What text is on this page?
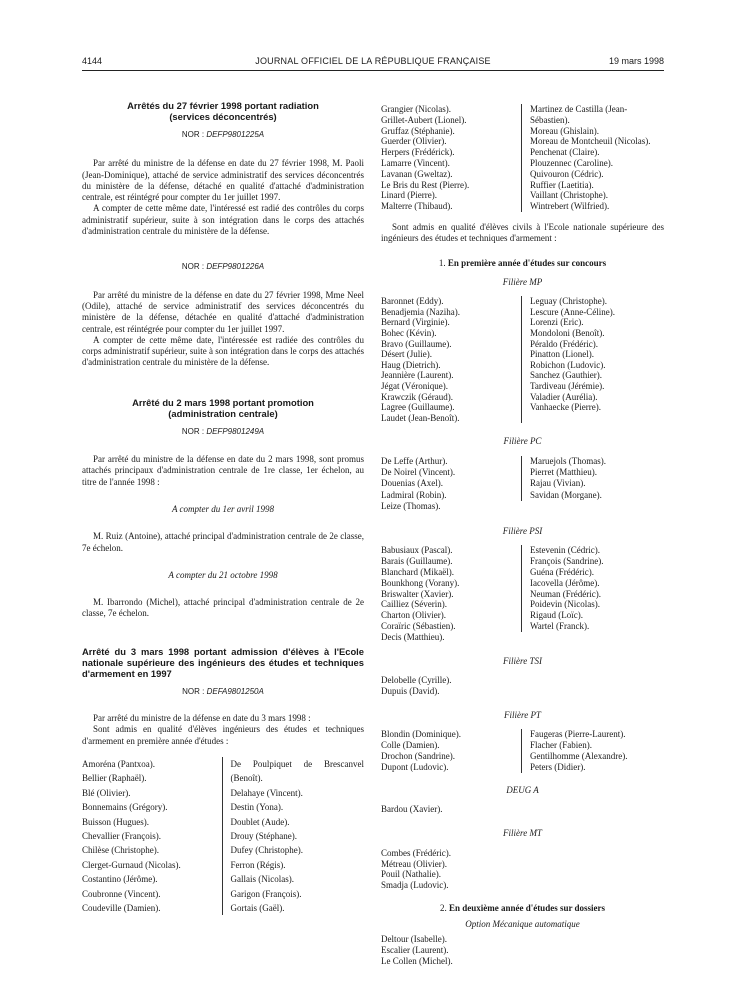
4144	JOURNAL OFFICIEL DE LA RÉPUBLIQUE FRANÇAISE	19 mars 1998

Arrêtés du 27 février 1998 portant radiation (services déconcentrés)

NOR : DEFP9801225A

Par arrêté du ministre de la défense en date du 27 février 1998, M. Paoli (Jean-Dominique), attaché de service administratif des services déconcentrés du ministère de la défense, détaché en qualité d'attaché d'administration centrale, est réintégré pour compter du 1er juillet 1997.

A compter de cette même date, l'intéressé est radié des contrôles du corps administratif supérieur, suite à son intégration dans le corps des attachés d'administration centrale du ministère de la défense.

NOR : DEFP9801226A

Par arrêté du ministre de la défense en date du 27 février 1998, Mme Neel (Odile), attaché de service administratif des services déconcentrés du ministère de la défense, détachée en qualité d'attaché d'administration centrale, est réintégrée pour compter du 1er juillet 1997.

A compter de cette même date, l'intéressée est radiée des contrôles du corps administratif supérieur, suite à son intégration dans le corps des attachés d'administration centrale du ministère de la défense.

Arrêté du 2 mars 1998 portant promotion (administration centrale)

NOR : DEFP9801249A

Par arrêté du ministre de la défense en date du 2 mars 1998, sont promus attachés principaux d'administration centrale de 1re classe, 1er échelon, au titre de l'année 1998 :

A compter du 1er avril 1998

M. Ruiz (Antoine), attaché principal d'administration centrale de 2e classe, 7e échelon.

A compter du 21 octobre 1998

M. Ibarrondo (Michel), attaché principal d'administration centrale de 2e classe, 7e échelon.

Arrêté du 3 mars 1998 portant admission d'élèves à l'Ecole nationale supérieure des ingénieurs des études et techniques d'armement en 1997

NOR : DEFA9801250A

Par arrêté du ministre de la défense en date du 3 mars 1998 :

Sont admis en qualité d'élèves ingénieurs des études et techniques d'armement en première année d'études :

Amoréna (Pantxoa).
Bellier (Raphaël).
Blé (Olivier).
Bonnemains (Grégory).
Buisson (Hugues).
Chevallier (François).
Chilèse (Christophe).
Clerget-Gurnaud (Nicolas).
Costantino (Jérôme).
Coubronne (Vincent).
Coudeville (Damien).
De Poulpiquet de Brescanvel (Benoît).
Delahaye (Vincent).
Destin (Yona).
Doublet (Aude).
Drouy (Stéphane).
Dufey (Christophe).
Ferron (Régis).
Gallais (Nicolas).
Garigon (François).
Gortais (Gaël).
Grangier (Nicolas).
Grillet-Aubert (Lionel).
Gruffaz (Stéphanie).
Guerder (Olivier).
Herpers (Frédérick).
Lamarre (Vincent).
Lavanan (Gweltaz).
Le Bris du Rest (Pierre).
Linard (Pierre).
Malterre (Thibaud).
Martinez de Castilla (Jean-Sébastien).
Moreau (Ghislain).
Moreau de Montcheuil (Nicolas).
Penchenat (Claire).
Plouzennec (Caroline).
Quivouron (Cédric).
Ruffier (Laetitia).
Vaillant (Christophe).
Wintrebert (Wilfried).

Sont admis en qualité d'élèves civils à l'Ecole nationale supérieure des ingénieurs des études et techniques d'armement :

1. En première année d'études sur concours

Filière MP

Baronnet (Eddy).
Benadjemia (Naziha).
Bernard (Virginie).
Bohec (Kévin).
Bravo (Guillaume).
Désert (Julie).
Haug (Dietrich).
Jeannière (Laurent).
Jégat (Véronique).
Krawczik (Géraud).
Lagree (Guillaume).
Laudet (Jean-Benoît).
Leguay (Christophe).
Lescure (Anne-Céline).
Lorenzi (Eric).
Mondoloni (Benoît).
Péraldo (Frédéric).
Pinatton (Lionel).
Robichon (Ludovic).
Sanchez (Gauthier).
Tardiveau (Jérémie).
Valadier (Aurélia).
Vanhaecke (Pierre).

Filière PC

De Leffe (Arthur).
De Noirel (Vincent).
Douenias (Axel).
Ladmiral (Robin).
Leize (Thomas).
Maruejols (Thomas).
Pierret (Matthieu).
Rajau (Vivian).
Savidan (Morgane).

Filière PSI

Babusiaux (Pascal).
Barais (Guillaume).
Blanchard (Mikaël).
Bounkhong (Vorany).
Briswalter (Xavier).
Cailliez (Séverin).
Charton (Olivier).
Coraïric (Sébastien).
Decis (Matthieu).
Estevenin (Cédric).
François (Sandrine).
Guéna (Frédéric).
Iacovella (Jérôme).
Neuman (Frédéric).
Poidevin (Nicolas).
Rigaud (Loïc).
Wartel (Franck).

Filière TSI

Delobelle (Cyrille).
Dupuis (David).

Filière PT

Blondin (Dominique).
Colle (Damien).
Drochon (Sandrine).
Dupont (Ludovic).
Faugeras (Pierre-Laurent).
Flacher (Fabien).
Gentilhomme (Alexandre).
Peters (Didier).

DEUG A

Bardou (Xavier).

Filière MT

Combes (Frédéric).
Métreau (Olivier).
Pouil (Nathalie).
Smadja (Ludovic).

2. En deuxième année d'études sur dossiers

Option Mécanique automatique

Deltour (Isabelle).
Escalier (Laurent).
Le Collen (Michel).
